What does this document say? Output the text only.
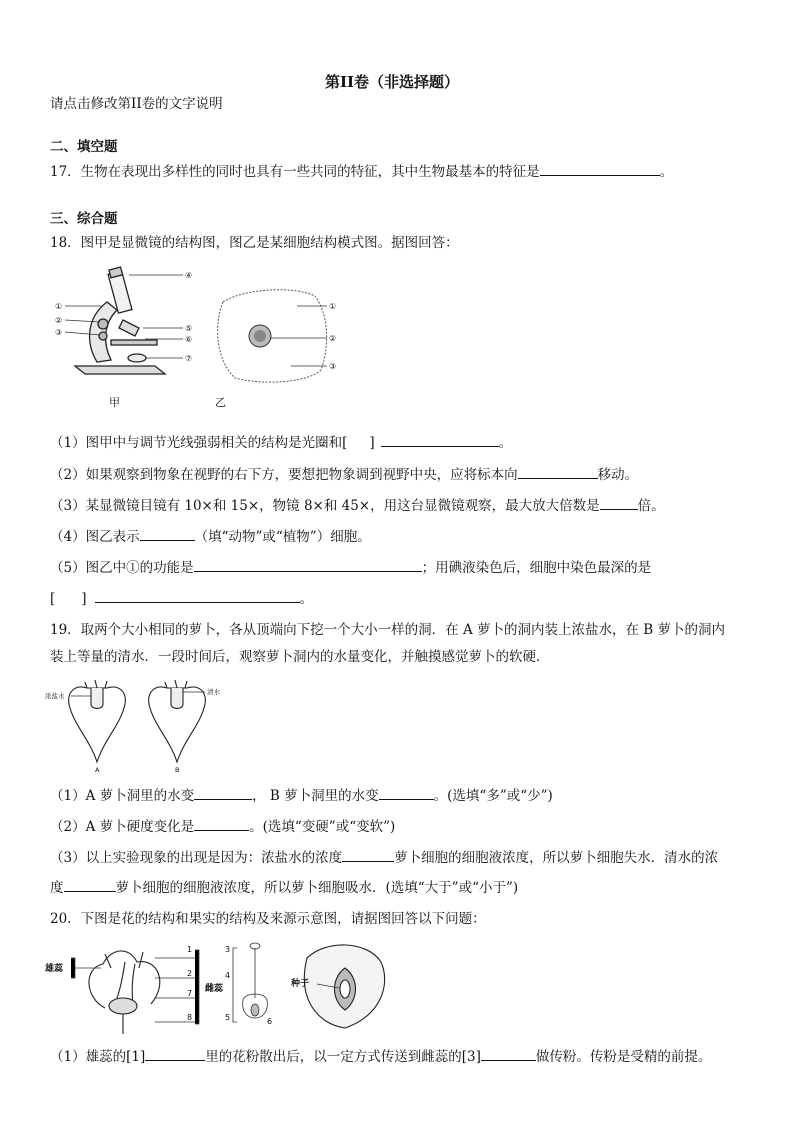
第II卷（非选择题）
请点击修改第II卷的文字说明
二、填空题
17．生物在表现出多样性的同时也具有一些共同的特征，其中生物最基本的特征是	。
三、综合题
18．图甲是显微镜的结构图，图乙是某细胞结构模式图。据图回答：
①
②
③
④
⑤
⑥
⑦
甲
①
②
③
乙
（1）图甲中与调节光线强弱相关的结构是光圈和[ ]	。
（2）如果观察到物象在视野的右下方，要想把物象调到视野中央，应将标本向	移动。
（3）某显微镜目镜有 10×和 15×，物镜 8×和 45×，用这台显微镜观察，最大放大倍数是	倍。
（4）图乙表示	（填“动物”或“植物”）细胞。
（5）图乙中①的功能是	；用碘液染色后，细胞中染色最深的是
[ ]	。
19．取两个大小相同的萝卜，各从顶端向下挖一个大小一样的洞．在 A 萝卜的洞内装上浓盐水，在 B 萝卜的洞内
装上等量的清水．一段时间后，观察萝卜洞内的水量变化，并触摸感觉萝卜的软硬．
浓盐水	清水
A	B
（1）A 萝卜洞里的水变	， B 萝卜洞里的水变	。(选填“多”或“少”)
（2）A 萝卜硬度变化是	。(选填“变硬”或“变软”)
（3）以上实验现象的出现是因为：浓盐水的浓度	萝卜细胞的细胞液浓度，所以萝卜细胞失水．清水的浓
度	萝卜细胞的细胞液浓度，所以萝卜细胞吸水．(选填“大于”或“小于”)
20．下图是花的结构和果实的结构及来源示意图，请据图回答以下问题：
雄蕊
1
2
7
8
雌蕊
3
4
5	6
种子
（1）雄蕊的[1]	里的花粉散出后，以一定方式传送到雌蕊的[3]	做传粉。传粉是受精的前提。
